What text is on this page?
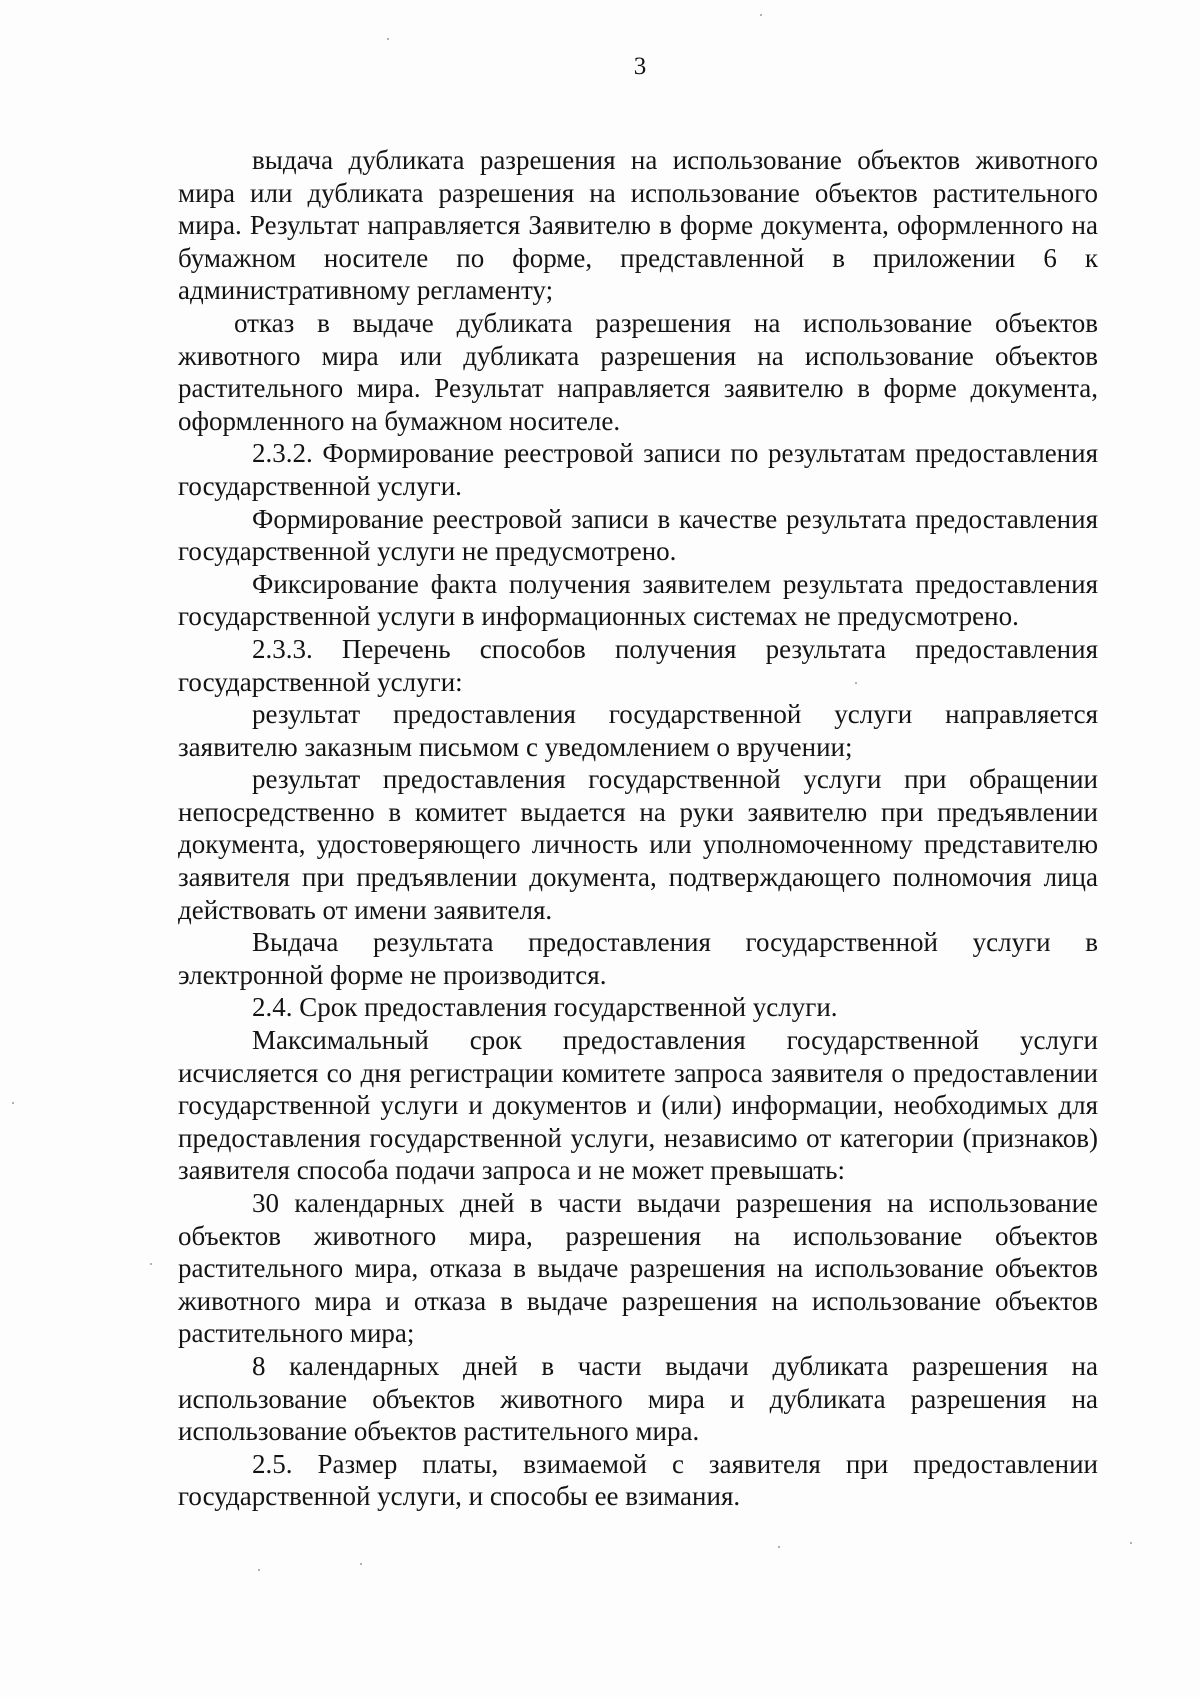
3

выдача дубликата разрешения на использование объектов животного мира или дубликата разрешения на использование объектов растительного мира. Результат направляется Заявителю в форме документа, оформленного на бумажном носителе по форме, представленной в приложении 6 к административному регламенту;

отказ в выдаче дубликата разрешения на использование объектов животного мира или дубликата разрешения на использование объектов растительного мира. Результат направляется заявителю в форме документа, оформленного на бумажном носителе.

2.3.2. Формирование реестровой записи по результатам предоставления государственной услуги.

Формирование реестровой записи в качестве результата предоставления государственной услуги не предусмотрено.

Фиксирование факта получения заявителем результата предоставления государственной услуги в информационных системах не предусмотрено.

2.3.3. Перечень способов получения результата предоставления государственной услуги:

результат предоставления государственной услуги направляется заявителю заказным письмом с уведомлением о вручении;

результат предоставления государственной услуги при обращении непосредственно в комитет выдается на руки заявителю при предъявлении документа, удостоверяющего личность или уполномоченному представителю заявителя при предъявлении документа, подтверждающего полномочия лица действовать от имени заявителя.

Выдача результата предоставления государственной услуги в электронной форме не производится.

2.4. Срок предоставления государственной услуги.

Максимальный срок предоставления государственной услуги исчисляется со дня регистрации комитете запроса заявителя о предоставлении государственной услуги и документов и (или) информации, необходимых для предоставления государственной услуги, независимо от категории (признаков) заявителя способа подачи запроса и не может превышать:

30 календарных дней в части выдачи разрешения на использование объектов животного мира, разрешения на использование объектов растительного мира, отказа в выдаче разрешения на использование объектов животного мира и отказа в выдаче разрешения на использование объектов растительного мира;

8 календарных дней в части выдачи дубликата разрешения на использование объектов животного мира и дубликата разрешения на использование объектов растительного мира.

2.5. Размер платы, взимаемой с заявителя при предоставлении государственной услуги, и способы ее взимания.
